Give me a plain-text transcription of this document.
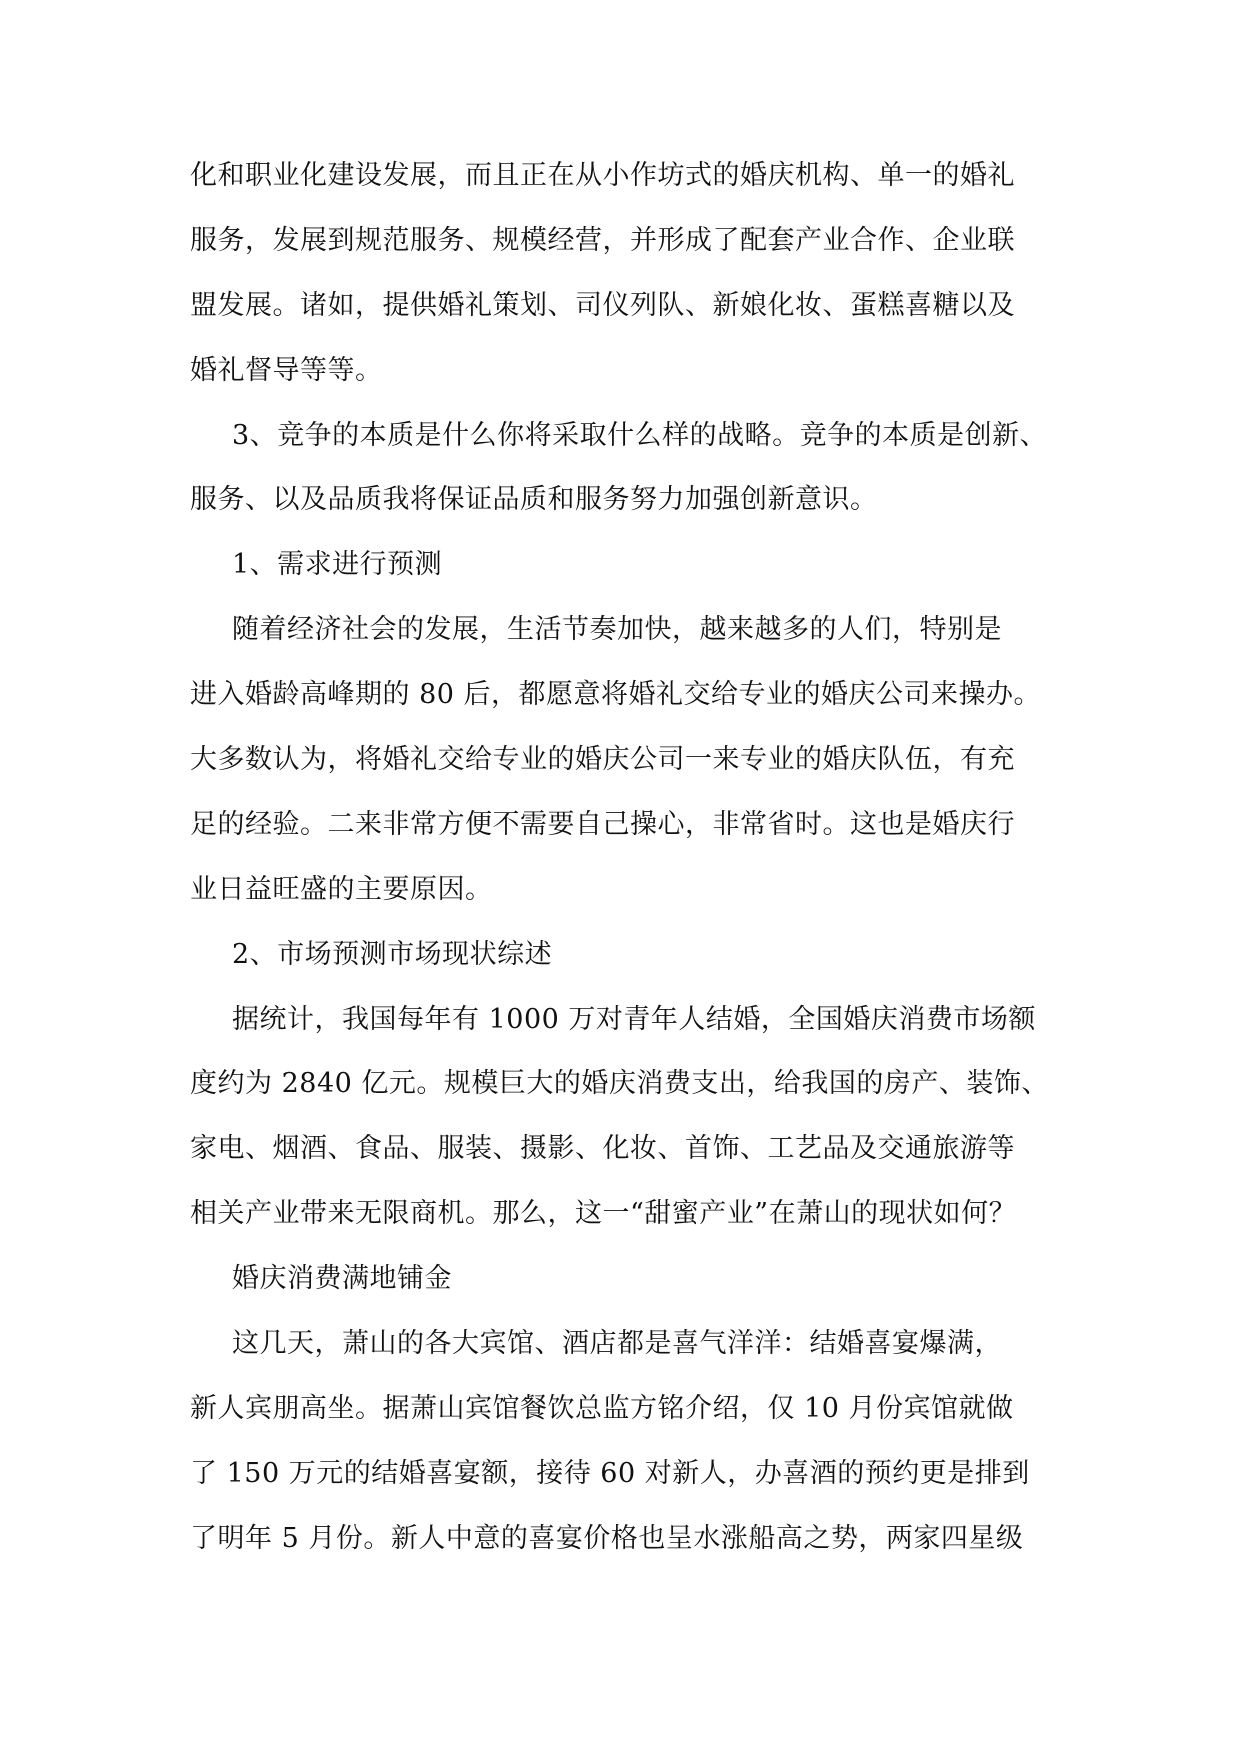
化和职业化建设发展，而且正在从小作坊式的婚庆机构、单一的婚礼
服务，发展到规范服务、规模经营，并形成了配套产业合作、企业联
盟发展。诸如，提供婚礼策划、司仪列队、新娘化妆、蛋糕喜糖以及
婚礼督导等等。
3、竞争的本质是什么你将采取什么样的战略。竞争的本质是创新、
服务、以及品质我将保证品质和服务努力加强创新意识。
1、需求进行预测
随着经济社会的发展，生活节奏加快，越来越多的人们，特别是
进入婚龄高峰期的 80 后，都愿意将婚礼交给专业的婚庆公司来操办。
大多数认为，将婚礼交给专业的婚庆公司一来专业的婚庆队伍，有充
足的经验。二来非常方便不需要自己操心，非常省时。这也是婚庆行
业日益旺盛的主要原因。
2、市场预测市场现状综述
据统计，我国每年有 1000 万对青年人结婚，全国婚庆消费市场额
度约为 2840 亿元。规模巨大的婚庆消费支出，给我国的房产、装饰、
家电、烟酒、食品、服装、摄影、化妆、首饰、工艺品及交通旅游等
相关产业带来无限商机。那么，这一“甜蜜产业”在萧山的现状如何？
婚庆消费满地铺金
这几天，萧山的各大宾馆、酒店都是喜气洋洋：结婚喜宴爆满，
新人宾朋高坐。据萧山宾馆餐饮总监方铭介绍，仅 10 月份宾馆就做
了 150 万元的结婚喜宴额，接待 60 对新人，办喜酒的预约更是排到
了明年 5 月份。新人中意的喜宴价格也呈水涨船高之势，两家四星级
